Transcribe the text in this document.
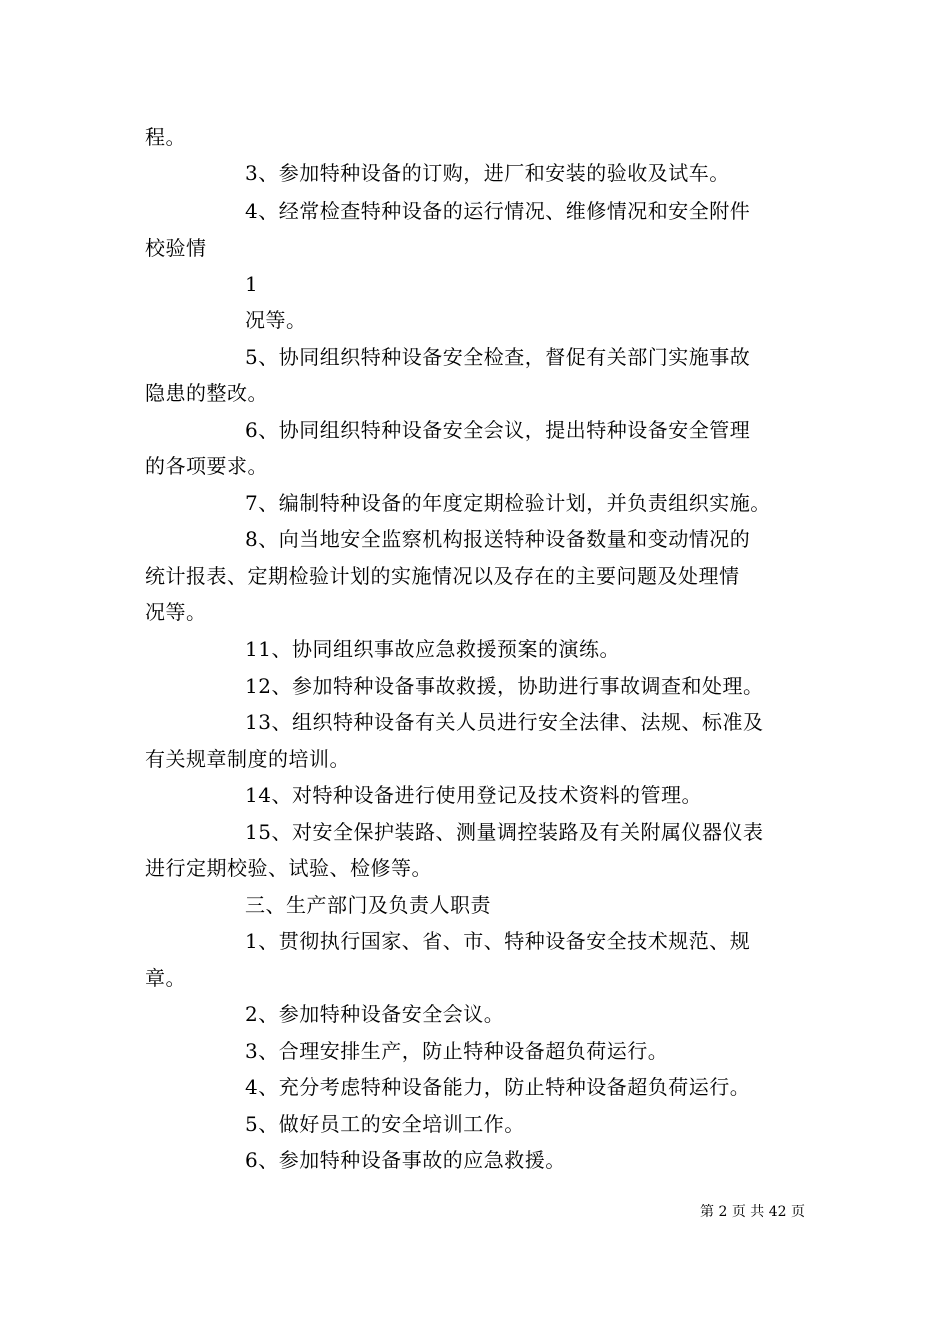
程。
3、参加特种设备的订购，进厂和安装的验收及试车。
4、经常检查特种设备的运行情况、维修情况和安全附件
校验情
1
况等。
5、协同组织特种设备安全检查，督促有关部门实施事故
隐患的整改。
6、协同组织特种设备安全会议，提出特种设备安全管理
的各项要求。
7、编制特种设备的年度定期检验计划，并负责组织实施。
8、向当地安全监察机构报送特种设备数量和变动情况的
统计报表、定期检验计划的实施情况以及存在的主要问题及处理情
况等。
11、协同组织事故应急救援预案的演练。
12、参加特种设备事故救援，协助进行事故调查和处理。
13、组织特种设备有关人员进行安全法律、法规、标准及
有关规章制度的培训。
14、对特种设备进行使用登记及技术资料的管理。
15、对安全保护装路、测量调控装路及有关附属仪器仪表
进行定期校验、试验、检修等。
三、生产部门及负责人职责
1、贯彻执行国家、省、市、特种设备安全技术规范、规
章。
2、参加特种设备安全会议。
3、合理安排生产，防止特种设备超负荷运行。
4、充分考虑特种设备能力，防止特种设备超负荷运行。
5、做好员工的安全培训工作。
6、参加特种设备事故的应急救援。
第 2 页 共 42 页
